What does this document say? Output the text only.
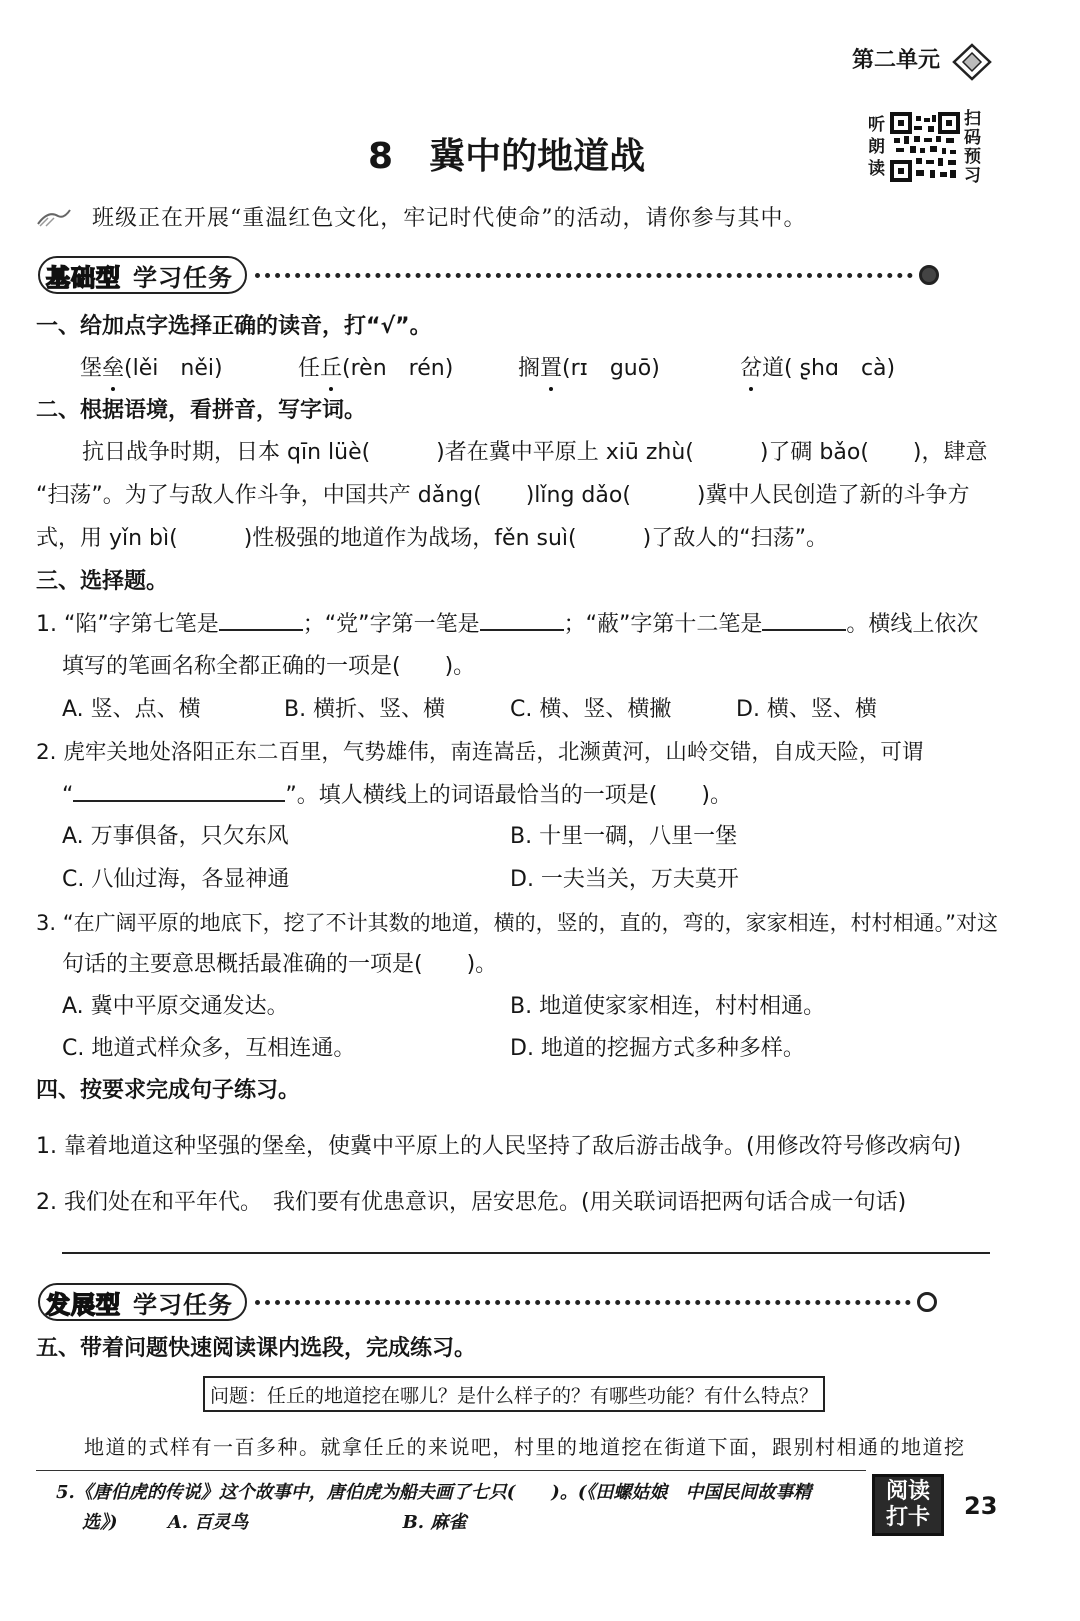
第二单元
听朗读
扫码预习
8 冀中的地道战
班级正在开展“重温红色文化，牢记时代使命”的活动，请你参与其中。
基础型 学习任务
一、给加点字选择正确的读音，打“√”。
堡垒(lěi　něi)	任丘(rèn　rén)	搁置(rɪ　guō)	岔道( ʂhɑ　cà)
二、根据语境，看拼音，写字词。
抗日战争时期，日本 qīn lüè(　　　)者在冀中平原上 xiū zhù(　　　)了碉 bǎo(　　)，肆意
“扫荡”。为了与敌人作斗争，中国共产 dǎng(　　)lǐng dǎo(　　　)冀中人民创造了新的斗争方
式，用 yǐn bì(　　　)性极强的地道作为战场，fěn suì(　　　)了敌人的“扫荡”。
三、选择题。
1. “陷”字第七笔是	；“党”字第一笔是	；“蔽”字第十二笔是	。横线上依次
填写的笔画名称全都正确的一项是(　　)。
A. 竖、点、横	B. 横折、竖、横	C. 横、竖、横撇	D. 横、竖、横
2. 虎牢关地处洛阳正东二百里，气势雄伟，南连嵩岳，北濒黄河，山岭交错，自成天险，可谓
“	”。填人横线上的词语最恰当的一项是(　　)。
A. 万事俱备，只欠东风	B. 十里一碉，八里一堡
C. 八仙过海，各显神通	D. 一夫当关，万夫莫开
3. “在广阔平原的地底下，挖了不计其数的地道，横的，竖的，直的，弯的，家家相连，村村相通。”对这
句话的主要意思概括最准确的一项是(　　)。
A. 冀中平原交通发达。	B. 地道使家家相连，村村相通。
C. 地道式样众多，互相连通。	D. 地道的挖掘方式多种多样。
四、按要求完成句子练习。
1. 靠着地道这种坚强的堡垒，使冀中平原上的人民坚持了敌后游击战争。(用修改符号修改病句)
2. 我们处在和平年代。　我们要有优患意识，居安思危。(用关联词语把两句话合成一句话)
发展型 学习任务
五、带着问题快速阅读课内选段，完成练习。
问题：任丘的地道挖在哪儿？是什么样子的？有哪些功能？有什么特点？
地道的式样有一百多种。就拿任丘的来说吧，村里的地道挖在街道下面，跟别村相通的地道挖
5.《唐伯虎的传说》这个故事中，唐伯虎为船夫画了七只(　　)。(《田螺姑娘　中国民间故事精
选》)	A. 百灵鸟	B. 麻雀
阅读打卡 23
